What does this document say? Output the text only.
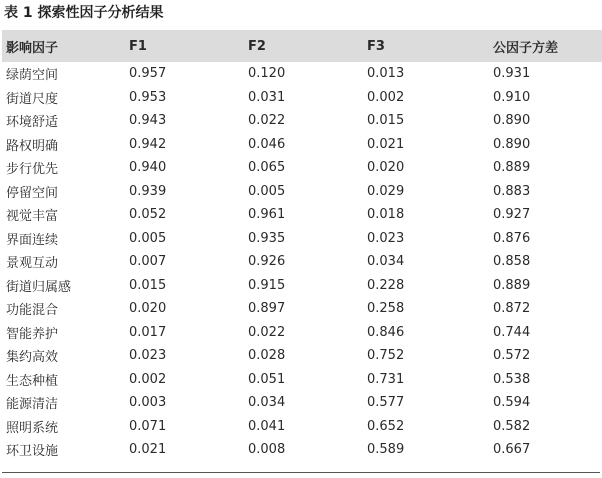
表 1 探索性因子分析结果
影响因子	F1	F2	F3	公因子方差
绿荫空间	0.957	0.120	0.013	0.931
街道尺度	0.953	0.031	0.002	0.910
环境舒适	0.943	0.022	0.015	0.890
路权明确	0.942	0.046	0.021	0.890
步行优先	0.940	0.065	0.020	0.889
停留空间	0.939	0.005	0.029	0.883
视觉丰富	0.052	0.961	0.018	0.927
界面连续	0.005	0.935	0.023	0.876
景观互动	0.007	0.926	0.034	0.858
街道归属感	0.015	0.915	0.228	0.889
功能混合	0.020	0.897	0.258	0.872
智能养护	0.017	0.022	0.846	0.744
集约高效	0.023	0.028	0.752	0.572
生态种植	0.002	0.051	0.731	0.538
能源清洁	0.003	0.034	0.577	0.594
照明系统	0.071	0.041	0.652	0.582
环卫设施	0.021	0.008	0.589	0.667
